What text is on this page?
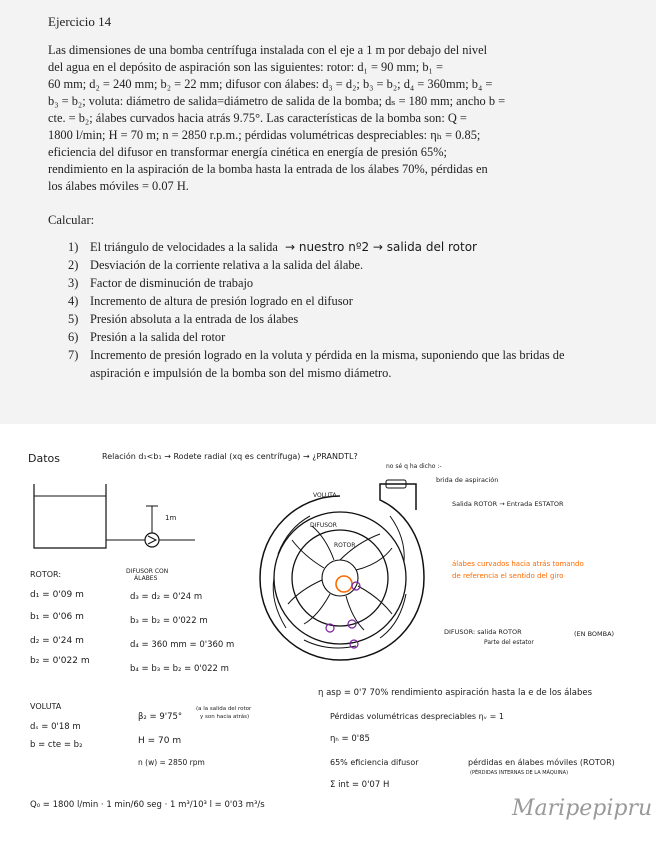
Ejercicio 14
Las dimensiones de una bomba centrífuga instalada con el eje a 1 m por debajo del nivel
del agua en el depósito de aspiración son las siguientes: rotor: d₁ = 90 mm; b₁ =
60 mm; d₂ = 240 mm; b₂ = 22 mm; difusor con álabes: d₃ = d₂; b₃ = b₂; d₄ = 360mm; b₄ =
b₃ = b₂; voluta: diámetro de salida=diámetro de salida de la bomba; dₛ = 180 mm; ancho b =
cte. = b₂; álabes curvados hacia atrás 9.75°. Las características de la bomba son: Q =
1800 l/min; H = 70 m; n = 2850 r.p.m.; pérdidas volumétricas despreciables: ηₕ = 0.85;
eficiencia del difusor en transformar energía cinética en energía de presión 65%;
rendimiento en la aspiración de la bomba hasta la entrada de los álabes 70%, pérdidas en
los álabes móviles = 0.07 H.
Calcular:
1) El triángulo de velocidades a la salida → nuestro nº2 → salida del rotor
2) Desviación de la corriente relativa a la salida del álabe.
3) Factor de disminución de trabajo
4) Incremento de altura de presión logrado en el difusor
5) Presión absoluta a la entrada de los álabes
6) Presión a la salida del rotor
7) Incremento de presión logrado en la voluta y pérdida en la misma, suponiendo que las bridas de aspiración e impulsión de la bomba son del mismo diámetro.
Datos	Relación d₁<b₁ → Rodete radial (xq es centrífuga) → ¿PRANDTL?
no sé q ha dicho :-
brida de aspiración
1m
VOLUTA
DIFUSOR
ROTOR
Salida ROTOR → Entrada ESTATOR
álabes curvados hacia atrás tomando
de referencia el sentido del giro
DIFUSOR: salida ROTOR
Parte del estator
(EN BOMBA)
ROTOR:
d₁ = 0'09 m
b₁ = 0'06 m
d₂ = 0'24 m
b₂ = 0'022 m
DIFUSOR CON
ÁLABES
d₃ = d₂ = 0'24 m
b₃ = b₂ = 0'022 m
d₄ = 360 mm = 0'360 m
b₄ = b₃ = b₂ = 0'022 m
VOLUTA
dₛ = 0'18 m
b = cte = b₂
β₂ = 9'75°
(a la salida del rotor
y son hacia atrás)
H = 70 m
n (w) = 2850 rpm
Q₀ = 1800 l/min · 1 min/60 seg · 1 m³/10³ l = 0'03 m³/s
η asp = 0'7 70% rendimiento aspiración hasta la e de los álabes
Pérdidas volumétricas despreciables ηᵥ = 1
ηₕ = 0'85
65% eficiencia difusor	pérdidas en álabes móviles (ROTOR)
(PÉRDIDAS INTERNAS DE LA MÁQUINA)
Σ int = 0'07 H
Maripepipru
